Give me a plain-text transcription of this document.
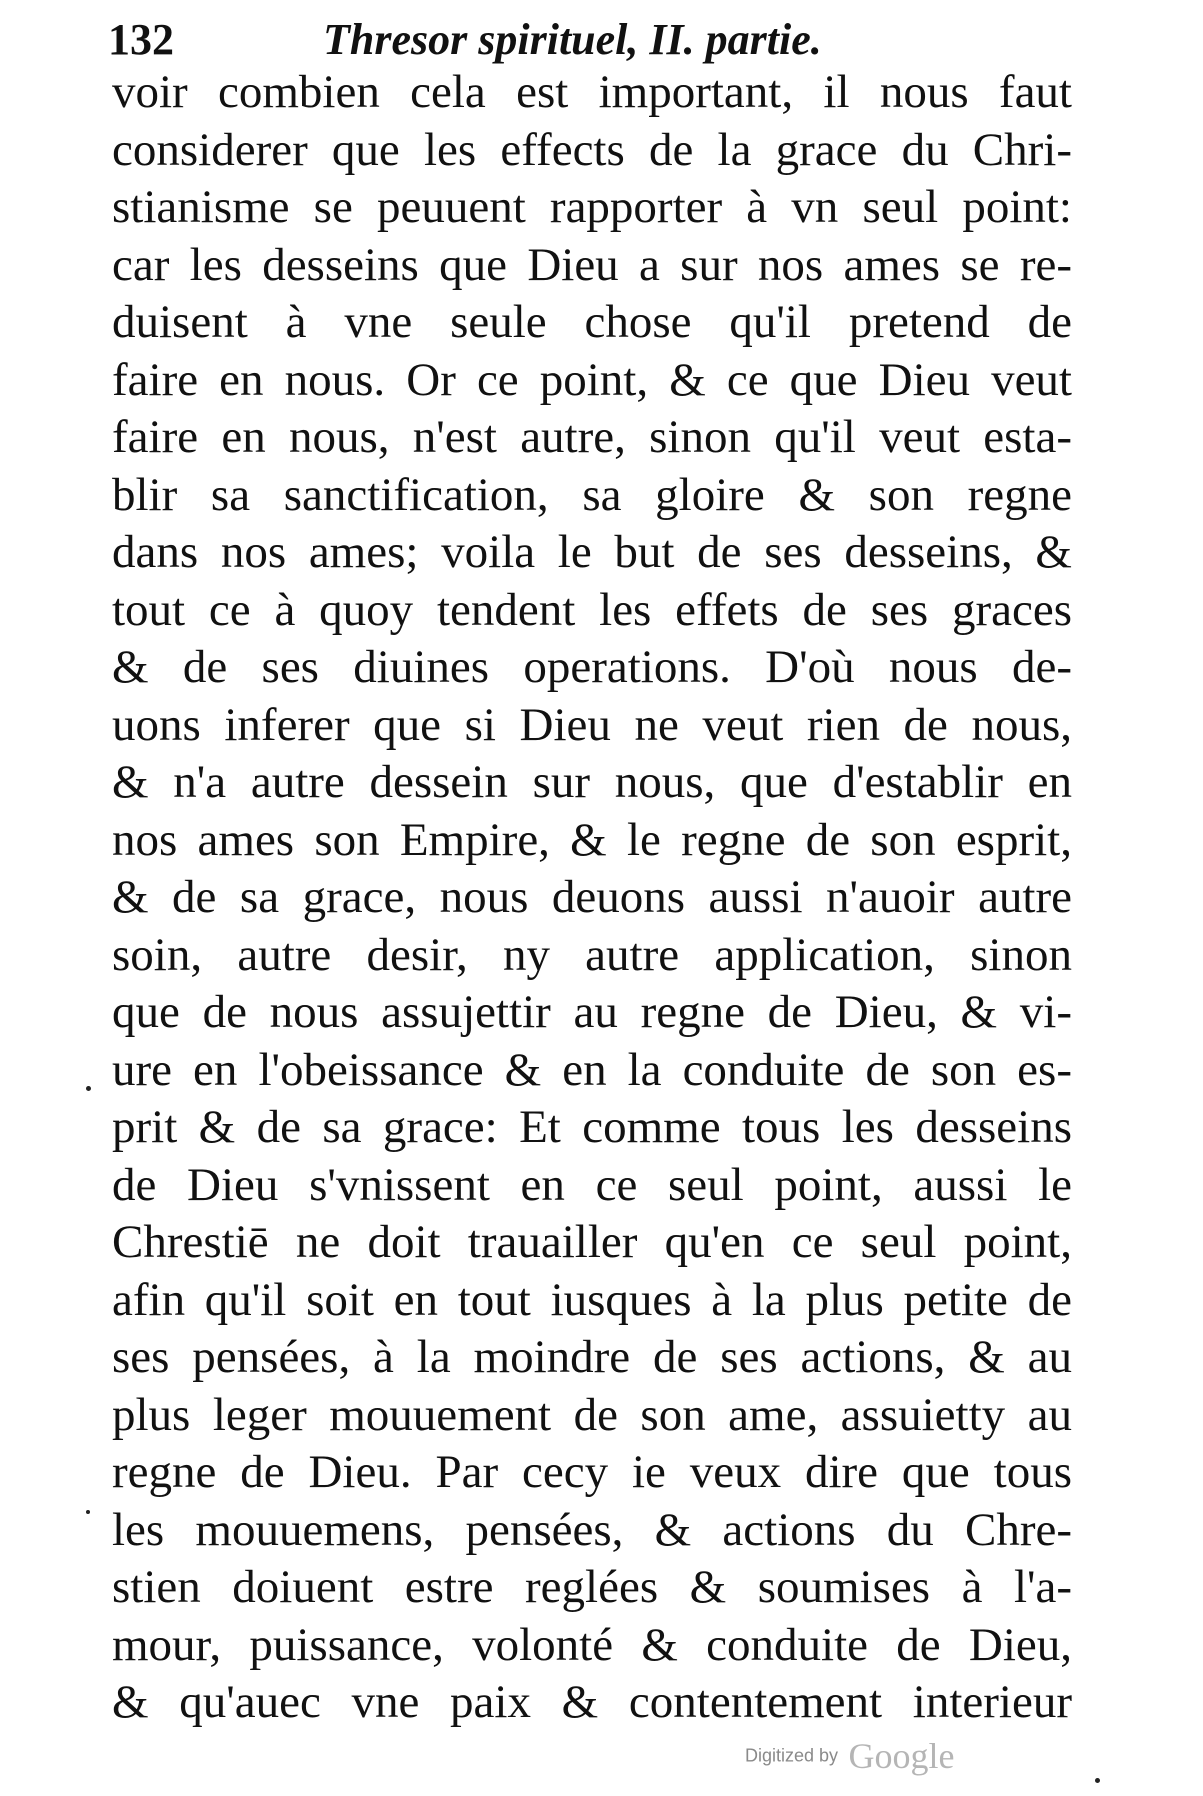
132	Thresor spirituel, II. partie.
voir combien cela est important, il nous faut
considerer que les effects de la grace du Chri-
stianisme se peuuent rapporter à vn seul point:
car les desseins que Dieu a sur nos ames se re-
duisent à vne seule chose qu'il pretend de
faire en nous. Or ce point, & ce que Dieu veut
faire en nous, n'est autre, sinon qu'il veut esta-
blir sa sanctification, sa gloire & son regne
dans nos ames; voila le but de ses desseins, &
tout ce à quoy tendent les effets de ses graces
& de ses diuines operations. D'où nous de-
uons inferer que si Dieu ne veut rien de nous,
& n'a autre dessein sur nous, que d'establir en
nos ames son Empire, & le regne de son esprit,
& de sa grace, nous deuons aussi n'auoir autre
soin, autre desir, ny autre application, sinon
que de nous assujettir au regne de Dieu, & vi-
ure en l'obeissance & en la conduite de son es-
prit & de sa grace: Et comme tous les desseins
de Dieu s'vnissent en ce seul point, aussi le
Chrestiē ne doit trauailler qu'en ce seul point,
afin qu'il soit en tout iusques à la plus petite de
ses pensées, à la moindre de ses actions, & au
plus leger mouuement de son ame, assuietty au
regne de Dieu. Par cecy ie veux dire que tous
les mouuemens, pensées, & actions du Chre-
stien doiuent estre reglées & soumises à l'a-
mour, puissance, volonté & conduite de Dieu,
& qu'auec vne paix & contentement interieur
Digitized by Google
